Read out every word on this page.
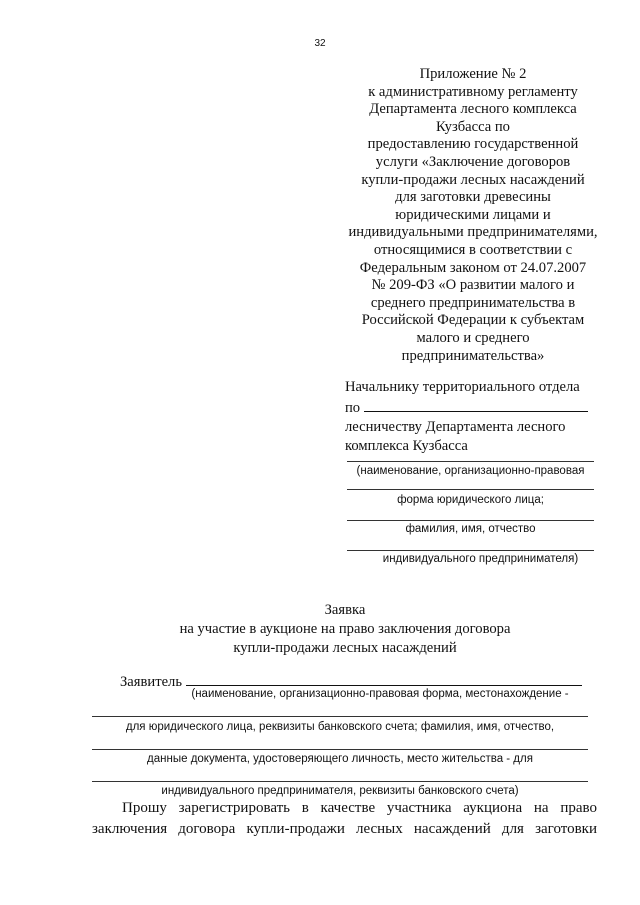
32
Приложение № 2
к административному регламенту
Департамента лесного комплекса
Кузбасса по
предоставлению государственной
услуги «Заключение договоров
купли-продажи лесных насаждений
для заготовки древесины
юридическими лицами и
индивидуальными предпринимателями,
относящимися в соответствии с
Федеральным законом от 24.07.2007
№ 209-ФЗ «О развитии малого и
среднего предпринимательства в
Российской Федерации к субъектам
малого и среднего
предпринимательства»
Начальнику территориального отдела
по
лесничеству Департамента лесного
комплекса Кузбасса
(наименование, организационно-правовая
форма юридического лица;
фамилия, имя, отчество
индивидуального предпринимателя)
Заявка
на участие в аукционе на право заключения договора
купли-продажи лесных насаждений
Заявитель
(наименование, организационно-правовая форма, местонахождение -
для юридического лица, реквизиты банковского счета; фамилия, имя, отчество,
данные документа, удостоверяющего личность, место жительства - для
индивидуального предпринимателя, реквизиты банковского счета)

Прошу зарегистрировать в качестве участника аукциона на право заключения договора купли-продажи лесных насаждений для заготовки
